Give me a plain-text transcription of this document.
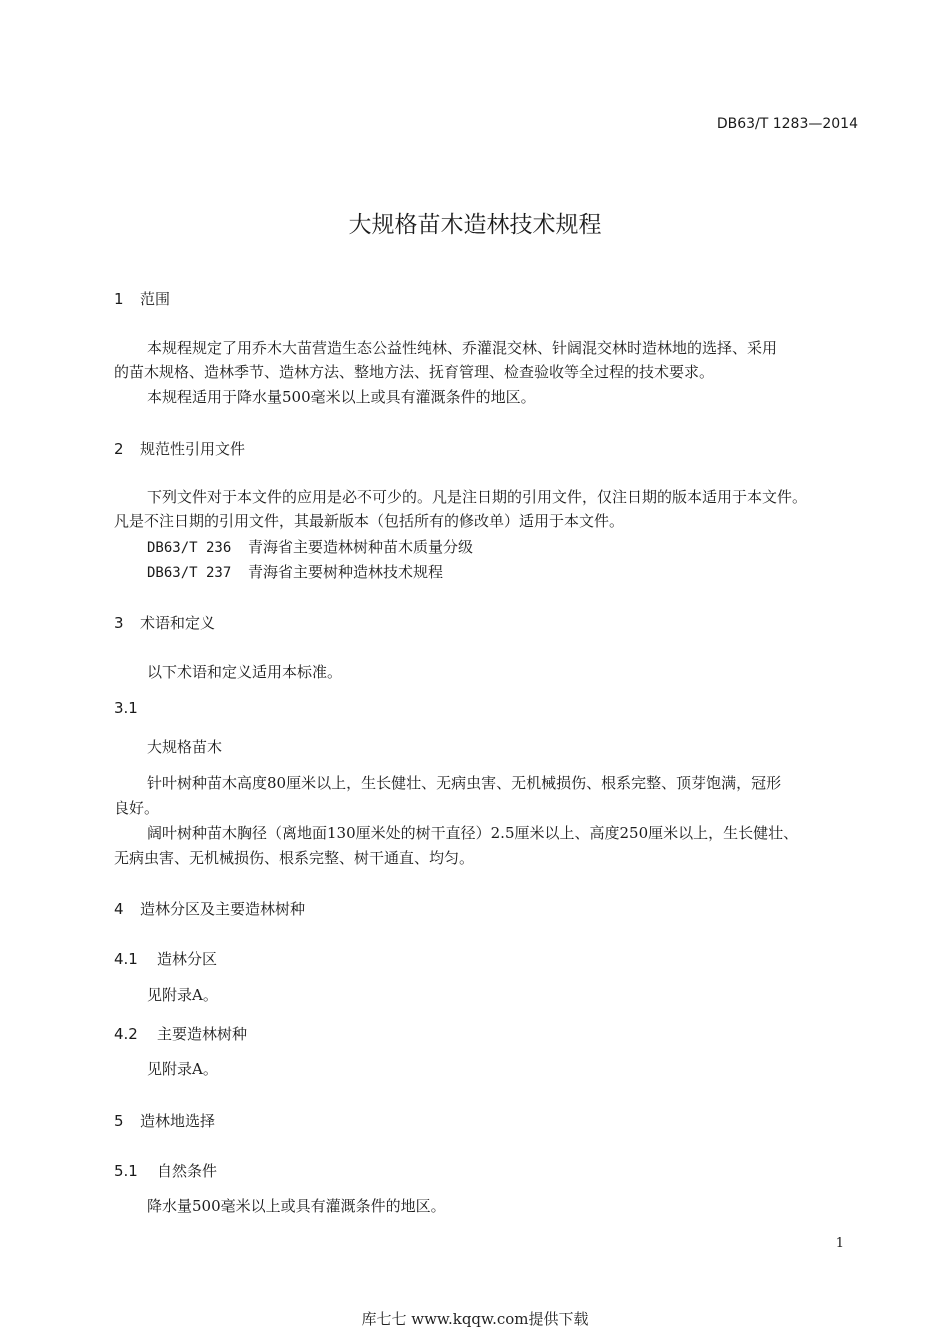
DB63/T 1283—2014
大规格苗木造林技术规程
1 范围
本规程规定了用乔木大苗营造生态公益性纯林、乔灌混交林、针阔混交林时造林地的选择、采用
的苗木规格、造林季节、造林方法、整地方法、抚育管理、检查验收等全过程的技术要求。
本规程适用于降水量500毫米以上或具有灌溉条件的地区。
2 规范性引用文件
下列文件对于本文件的应用是必不可少的。凡是注日期的引用文件，仅注日期的版本适用于本文件。
凡是不注日期的引用文件，其最新版本（包括所有的修改单）适用于本文件。
DB63/T 236 青海省主要造林树种苗木质量分级
DB63/T 237 青海省主要树种造林技术规程
3 术语和定义
以下术语和定义适用本标准。
3.1
大规格苗木
针叶树种苗木高度80厘米以上，生长健壮、无病虫害、无机械损伤、根系完整、顶芽饱满，冠形
良好。
阔叶树种苗木胸径（离地面130厘米处的树干直径）2.5厘米以上、高度250厘米以上，生长健壮、
无病虫害、无机械损伤、根系完整、树干通直、均匀。
4 造林分区及主要造林树种
4.1 造林分区
见附录A。
4.2 主要造林树种
见附录A。
5 造林地选择
5.1 自然条件
降水量500毫米以上或具有灌溉条件的地区。
1
库七七 www.kqqw.com提供下载
